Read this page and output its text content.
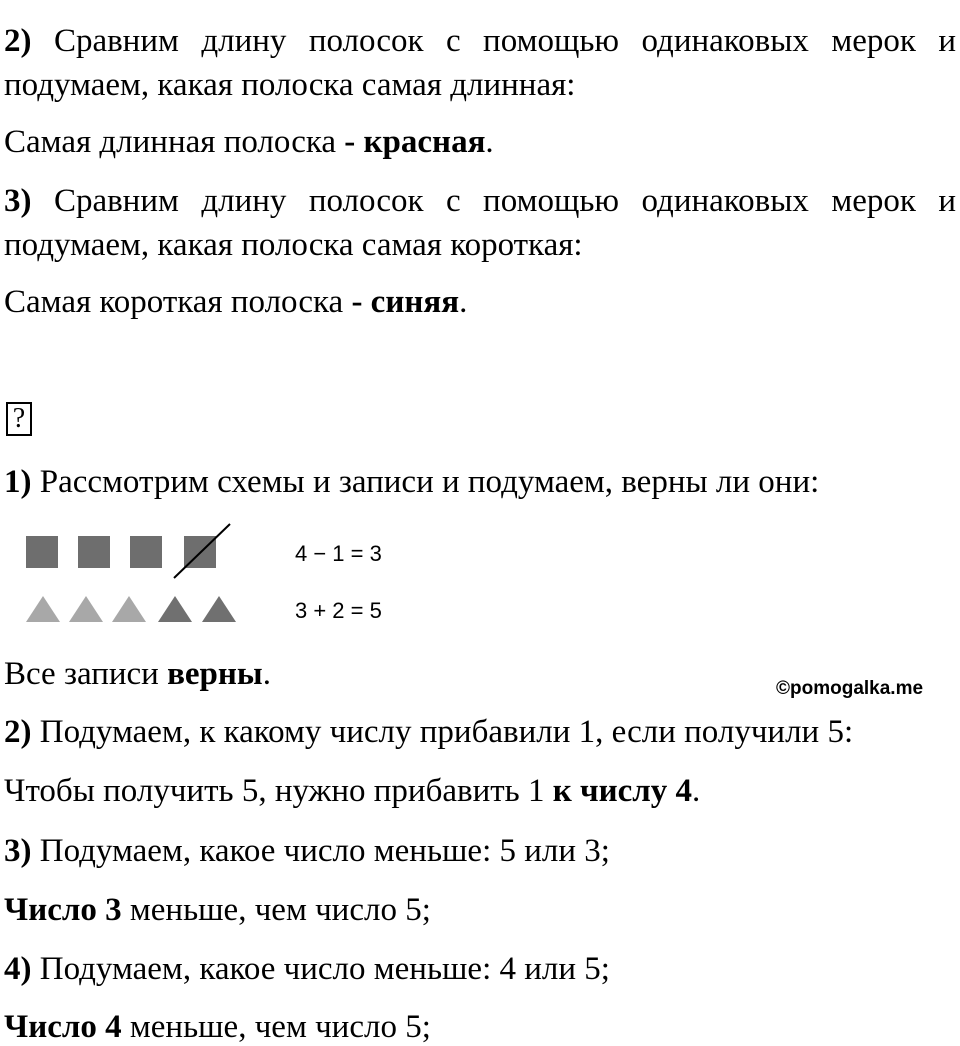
2) Сравним длину полосок с помощью одинаковых мерок и
подумаем, какая полоска самая длинная:
Самая длинная полоска - красная.
3) Сравним длину полосок с помощью одинаковых мерок и
подумаем, какая полоска самая короткая:
Самая короткая полоска - синяя.
?
1) Рассмотрим схемы и записи и подумаем, верны ли они:
4 − 1 = 3
3 + 2 = 5
Все записи верны.	©pomogalka.me
2) Подумаем, к какому числу прибавили 1, если получили 5:
Чтобы получить 5, нужно прибавить 1 к числу 4.
3) Подумаем, какое число меньше: 5 или 3;
Число 3 меньше, чем число 5;
4) Подумаем, какое число меньше: 4 или 5;
Число 4 меньше, чем число 5;
